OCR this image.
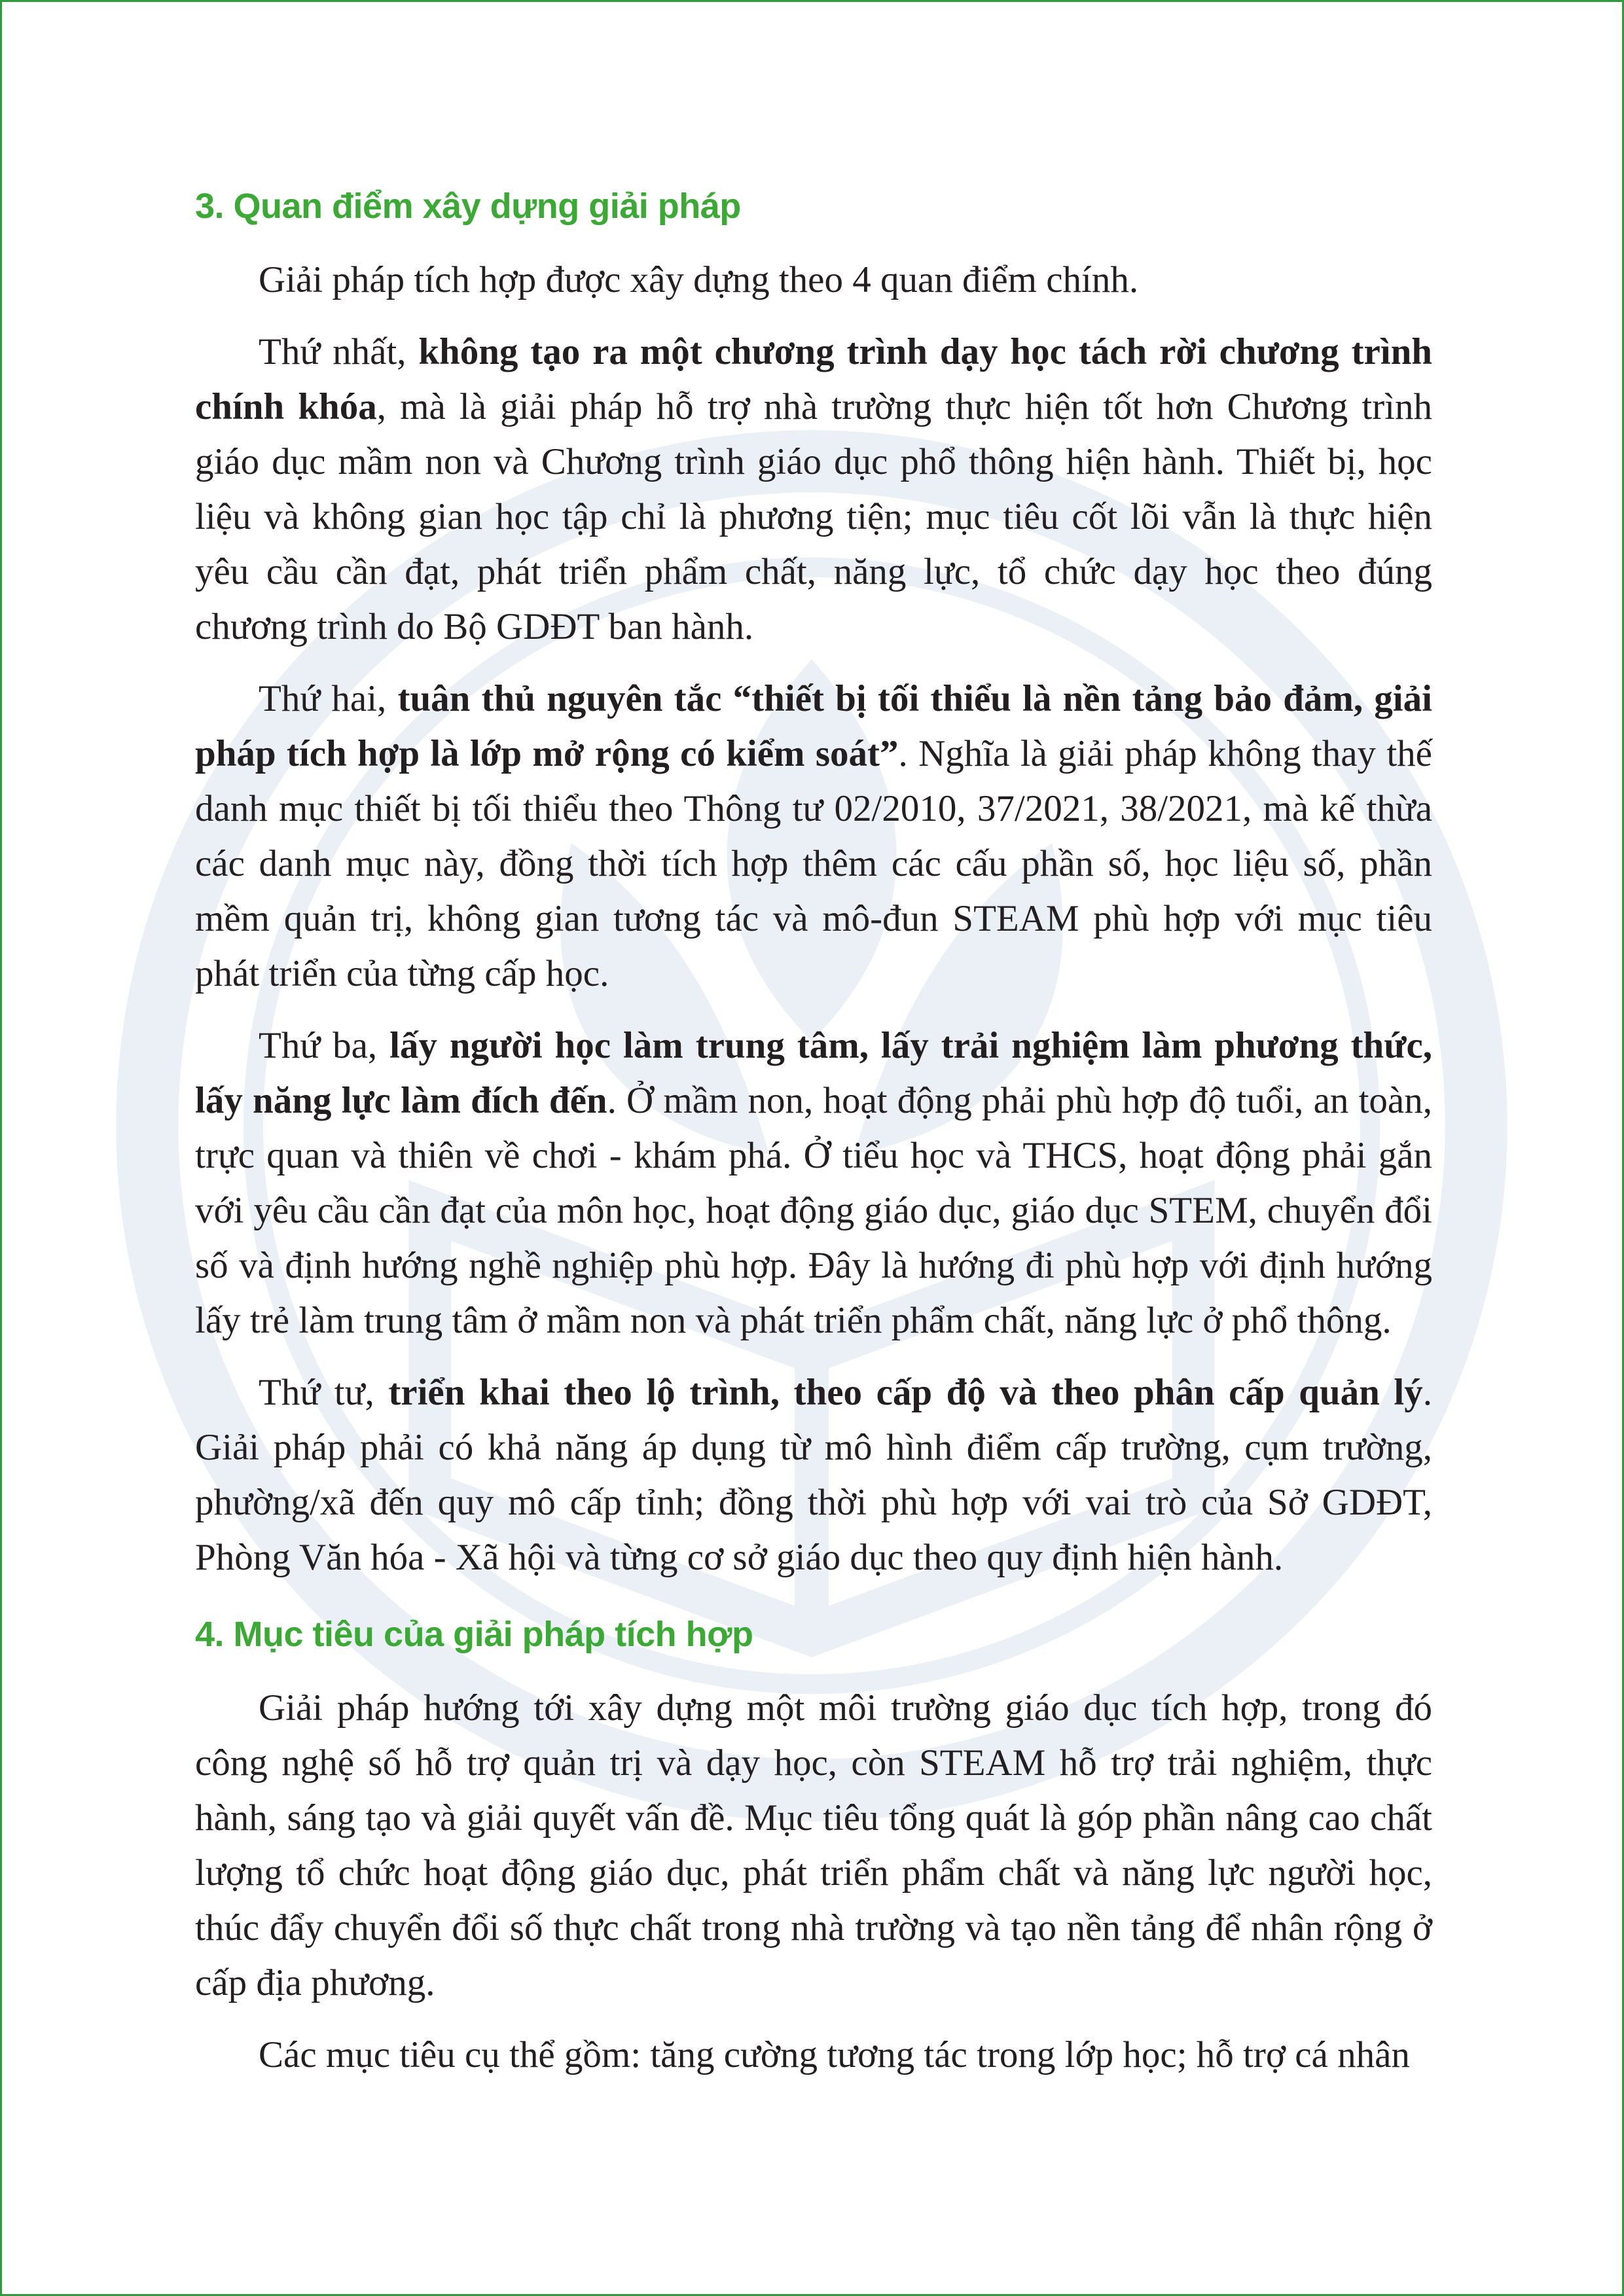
3. Quan điểm xây dựng giải pháp

Giải pháp tích hợp được xây dựng theo 4 quan điểm chính.

Thứ nhất, không tạo ra một chương trình dạy học tách rời chương trình chính khóa, mà là giải pháp hỗ trợ nhà trường thực hiện tốt hơn Chương trình giáo dục mầm non và Chương trình giáo dục phổ thông hiện hành. Thiết bị, học liệu và không gian học tập chỉ là phương tiện; mục tiêu cốt lõi vẫn là thực hiện yêu cầu cần đạt, phát triển phẩm chất, năng lực, tổ chức dạy học theo đúng chương trình do Bộ GDĐT ban hành.

Thứ hai, tuân thủ nguyên tắc “thiết bị tối thiểu là nền tảng bảo đảm, giải pháp tích hợp là lớp mở rộng có kiểm soát”. Nghĩa là giải pháp không thay thế danh mục thiết bị tối thiểu theo Thông tư 02/2010, 37/2021, 38/2021, mà kế thừa các danh mục này, đồng thời tích hợp thêm các cấu phần số, học liệu số, phần mềm quản trị, không gian tương tác và mô-đun STEAM phù hợp với mục tiêu phát triển của từng cấp học.

Thứ ba, lấy người học làm trung tâm, lấy trải nghiệm làm phương thức, lấy năng lực làm đích đến. Ở mầm non, hoạt động phải phù hợp độ tuổi, an toàn, trực quan và thiên về chơi - khám phá. Ở tiểu học và THCS, hoạt động phải gắn với yêu cầu cần đạt của môn học, hoạt động giáo dục, giáo dục STEM, chuyển đổi số và định hướng nghề nghiệp phù hợp. Đây là hướng đi phù hợp với định hướng lấy trẻ làm trung tâm ở mầm non và phát triển phẩm chất, năng lực ở phổ thông.

Thứ tư, triển khai theo lộ trình, theo cấp độ và theo phân cấp quản lý. Giải pháp phải có khả năng áp dụng từ mô hình điểm cấp trường, cụm trường, phường/xã đến quy mô cấp tỉnh; đồng thời phù hợp với vai trò của Sở GDĐT, Phòng Văn hóa - Xã hội và từng cơ sở giáo dục theo quy định hiện hành.

4. Mục tiêu của giải pháp tích hợp

Giải pháp hướng tới xây dựng một môi trường giáo dục tích hợp, trong đó công nghệ số hỗ trợ quản trị và dạy học, còn STEAM hỗ trợ trải nghiệm, thực hành, sáng tạo và giải quyết vấn đề. Mục tiêu tổng quát là góp phần nâng cao chất lượng tổ chức hoạt động giáo dục, phát triển phẩm chất và năng lực người học, thúc đẩy chuyển đổi số thực chất trong nhà trường và tạo nền tảng để nhân rộng ở cấp địa phương.

Các mục tiêu cụ thể gồm: tăng cường tương tác trong lớp học; hỗ trợ cá nhân
